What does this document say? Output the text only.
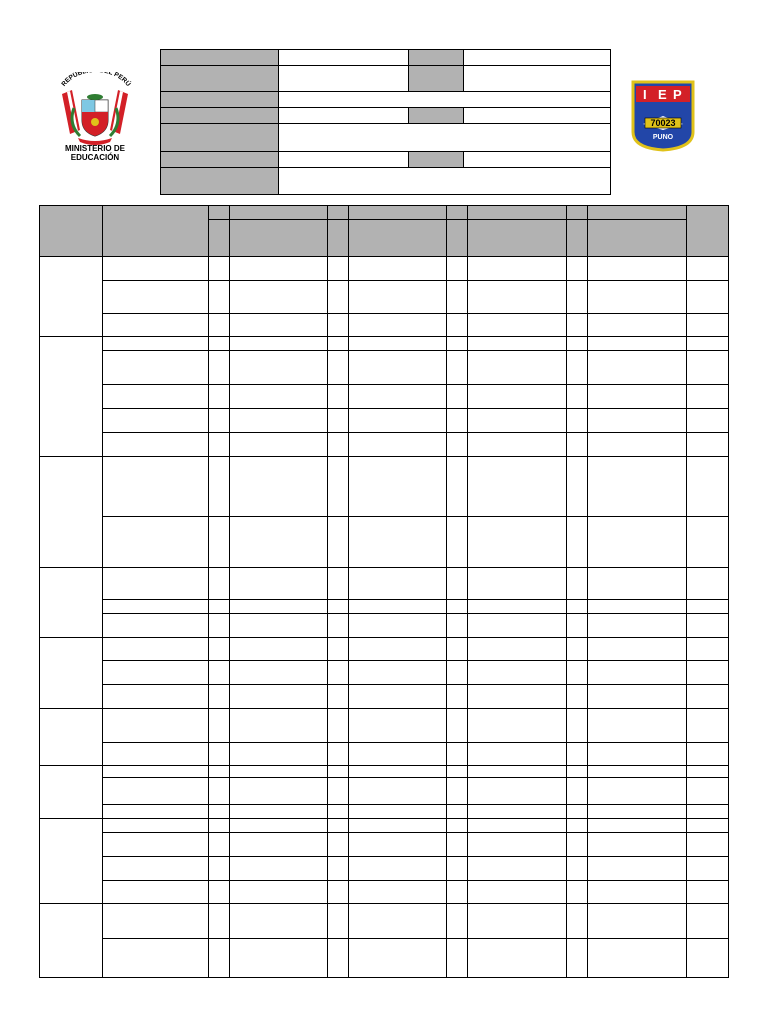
REPÚB L PERÚ
MINISTERIO DE EDUCACIÓN

I E P
70023
PUNO
